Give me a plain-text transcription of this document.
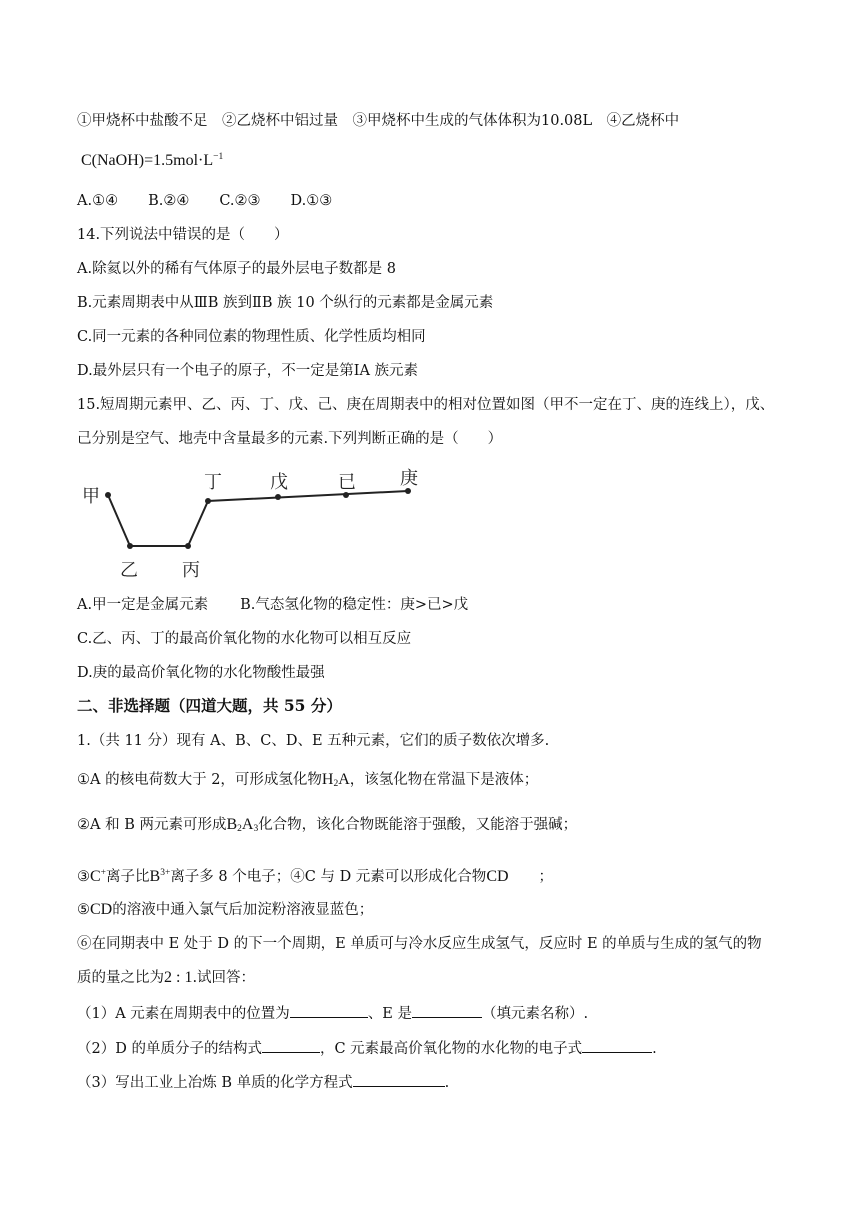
①甲烧杯中盐酸不足　②乙烧杯中铝过量　③甲烧杯中生成的气体体积为10.08L　④乙烧杯中
$C(NaOH)=1.5mol\cdot L^{-1}$
A.①④ B.②④ C.②③ D.①③
14.下列说法中错误的是（　　）
A.除氦以外的稀有气体原子的最外层电子数都是 8
B.元素周期表中从ⅢB 族到ⅡB 族 10 个纵行的元素都是金属元素
C.同一元素的各种同位素的物理性质、化学性质均相同
D.最外层只有一个电子的原子，不一定是第ⅠA 族元素
15.短周期元素甲、乙、丙、丁、戊、己、庚在周期表中的相对位置如图（甲不一定在丁、庚的连线上），戊、
己分别是空气、地壳中含量最多的元素.下列判断正确的是（　　）
甲
乙 丙
丁	戊	已 庚
A.甲一定是金属元素 B.气态氢化物的稳定性：庚>已>戊
C.乙、丙、丁的最高价氧化物的水化物可以相互反应
D.庚的最高价氧化物的水化物酸性最强
二、非选择题（四道大题，共 55 分）
1.（共 11 分）现有 A、B、C、D、E 五种元素，它们的质子数依次增多.
①A 的核电荷数大于 2，可形成氢化物$H_2A$，该氢化物在常温下是液体；
②A 和 B 两元素可形成$B_2A_3$化合物，该化合物既能溶于强酸，又能溶于强碱；
③C+离子比$B^{3+}$离子多 8 个电子；④C 与 D 元素可以形成化合物CD ；
⑤CD的溶液中通入氯气后加淀粉溶液显蓝色；
⑥在同期表中 E 处于 D 的下一个周期，E 单质可与冷水反应生成氢气，反应时 E 的单质与生成的氢气的物
质的量之比为2 : 1.试回答：
（1）A 元素在周期表中的位置为	、E 是	（填元素名称）.
（2）D 的单质分子的结构式	，C 元素最高价氧化物的水化物的电子式	.
（3）写出工业上冶炼 B 单质的化学方程式	.
